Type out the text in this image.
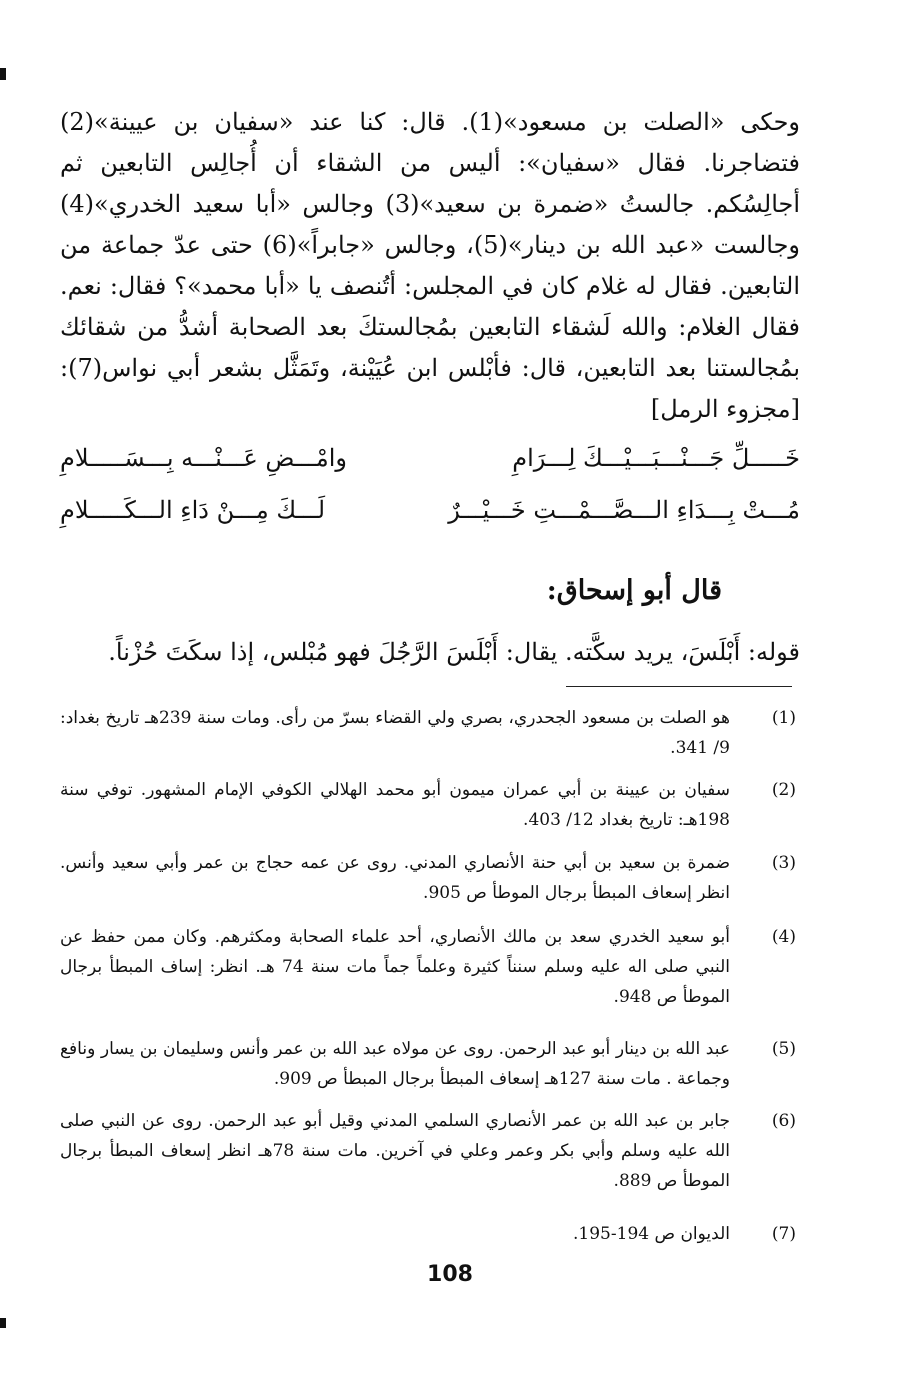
وحكى «الصلت بن مسعود»(1). قال: كنا عند «سفيان بن عيينة»(2) فتضاجرنا. فقال «سفيان»: أليس من الشقاء أن أُجالِس التابعين ثم أجالِسُكم. جالستُ «ضمرة بن سعيد»(3) وجالس «أبا سعيد الخدري»(4) وجالست «عبد الله بن دينار»(5)، وجالس «جابراً»(6) حتى عدّ جماعة من التابعين. فقال له غلام كان في المجلس: أتُنصف يا «أبا محمد»؟ فقال: نعم. فقال الغلام: والله لَشقاء التابعين بمُجالستكَ بعد الصحابة أشدُّ من شقائك بمُجالستنا بعد التابعين، قال: فأبْلس ابن عُيَيْنة، وتَمَثَّل بشعر أبي نواس(7): [مجزوء الرمل]

خَـــــلِّ جَـــنْـــبَـــيْـــكَ لِـــرَامِ
وامْـــضِ عَـــنْـــه بِـــسَـــــلامِ
مُـــتْ بِـــدَاءِ الـــصَّـــمْـــتِ خَـــيْـــرٌ
لَـــكَ مِـــنْ دَاءِ الـــكَـــــلامِ
قال أبو إسحاق:
قوله: أَبْلَسَ، يريد سكَّته. يقال: أَبْلَسَ الرَّجُلَ فهو مُبْلس، إذا سكَتَ حُزْناً.
(1)
هو الصلت بن مسعود الجحدري، بصري ولي القضاء بسرّ من رأى. ومات سنة 239هـ تاريخ بغداد: 9/ 341.
(2)
سفيان بن عيينة بن أبي عمران ميمون أبو محمد الهلالي الكوفي الإمام المشهور. توفي سنة 198هـ: تاريخ بغداد 12/ 403.
(3)
ضمرة بن سعيد بن أبي حنة الأنصاري المدني. روى عن عمه حجاج بن عمر وأبي سعيد وأنس. انظر إسعاف المبطأ برجال الموطأ ص 905.
(4)
أبو سعيد الخدري سعد بن مالك الأنصاري، أحد علماء الصحابة ومكثرهم. وكان ممن حفظ عن النبي صلى اله عليه وسلم سنناً كثيرة وعلماً جماً مات سنة 74 هـ. انظر: إساف المبطأ برجال الموطأ ص 948.
(5)
عبد الله بن دينار أبو عبد الرحمن. روى عن مولاه عبد الله بن عمر وأنس وسليمان بن يسار ونافع وجماعة . مات سنة 127هـ إسعاف المبطأ برجال المبطأ ص 909.
(6)
جابر بن عبد الله بن عمر الأنصاري السلمي المدني وقيل أبو عبد الرحمن. روى عن النبي صلى الله عليه وسلم وأبي بكر وعمر وعلي في آخرين. مات سنة 78هـ انظر إسعاف المبطأ برجال الموطأ ص 889.
(7)
الديوان ص 194-195.
108
